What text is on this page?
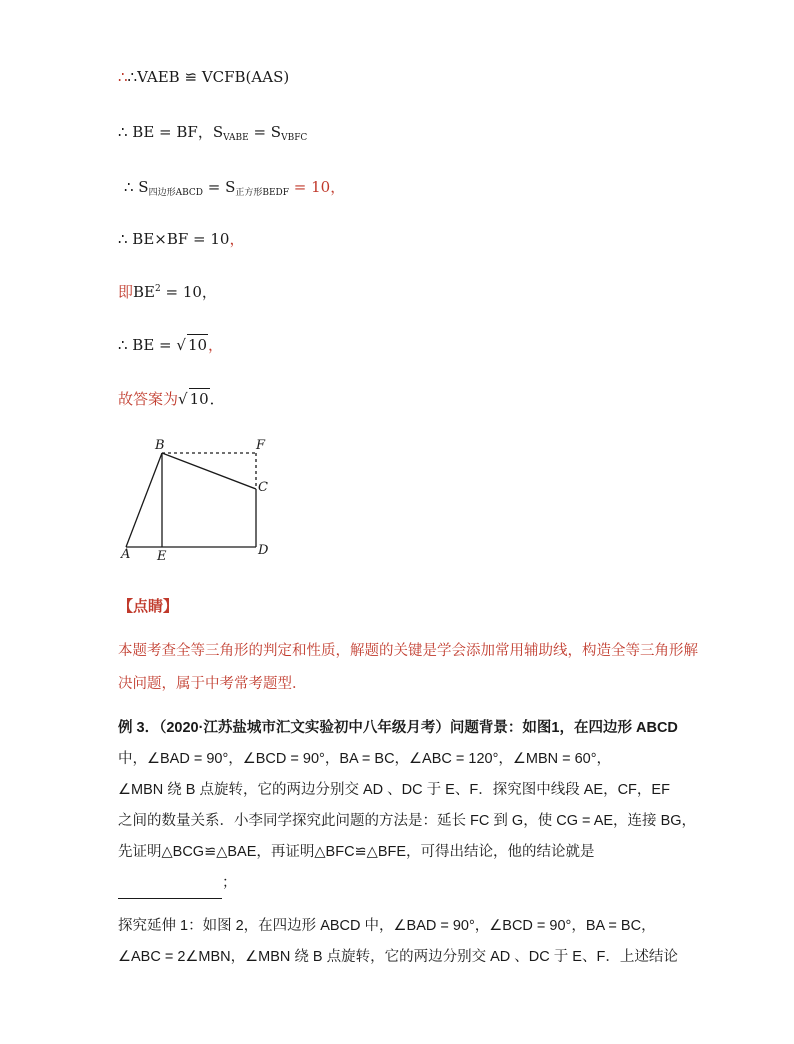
∴∴VAEB ≌ VCFB(AAS)
∴ BE = BF，$S_{VABE} = S_{VBFC}$
∴ $S_{四边形ABCD} = S_{正方形BEDF} = 10$，
∴ BE×BF = 10，
即$BE^2 = 10$，
∴ BE = √ 10，
故答案为√ 10．
B	F
C
A E	D
【点睛】
本题考查全等三角形的判定和性质，解题的关键是学会添加常用辅助线，构造全等三角形解
决问题，属于中考常考题型．
例 3．（2020·江苏盐城市汇文实验初中八年级月考）问题背景：如图1，在四边形 ABCD
中，∠BAD = 90°，∠BCD = 90°，BA = BC，∠ABC = 120°，∠MBN = 60°，
∠MBN 绕 B 点旋转，它的两边分别交 AD 、DC 于 E、F．探究图中线段 AE，CF，EF
之间的数量关系．小李同学探究此问题的方法是：延长 FC 到 G，使 CG = AE，连接 BG，
先证明△BCG≌△BAE，再证明△BFC≌△BFE，可得出结论，他的结论就是
；
探究延伸 1：如图 2，在四边形 ABCD 中，∠BAD = 90°，∠BCD = 90°，BA = BC，
∠ABC = 2∠MBN，∠MBN 绕 B 点旋转，它的两边分别交 AD 、DC 于 E、F．上述结论
